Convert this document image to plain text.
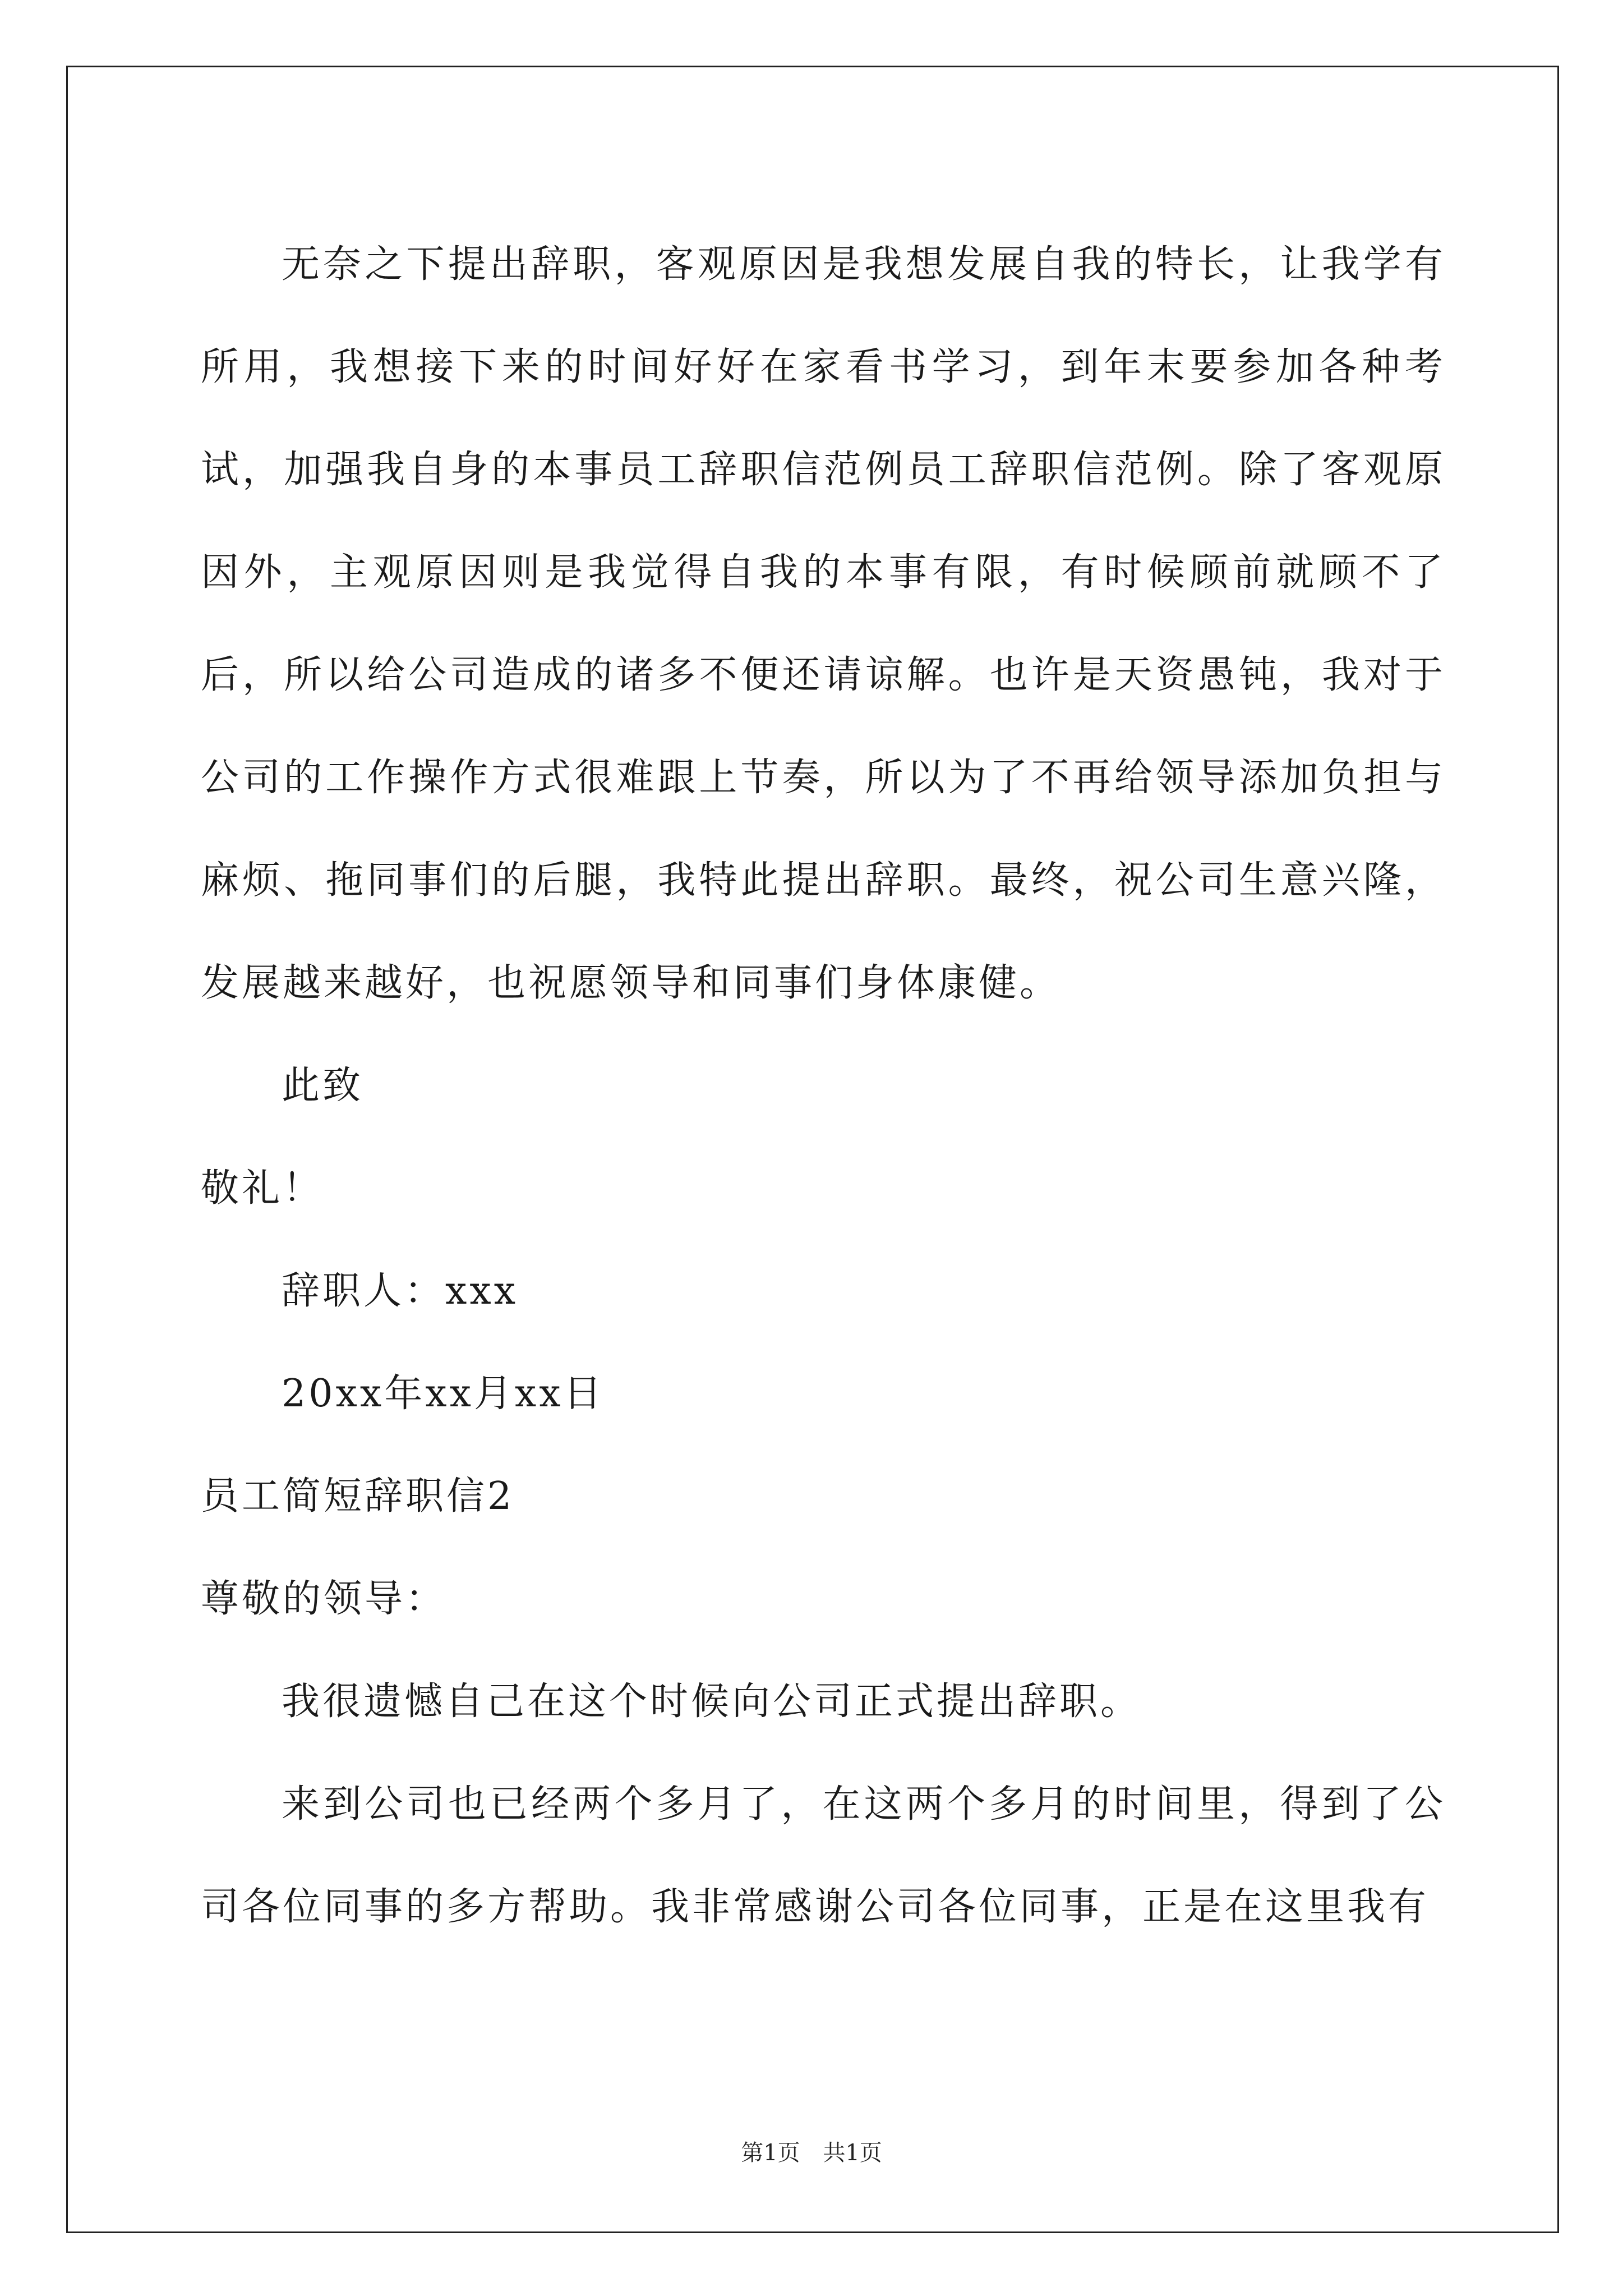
无奈之下提出辞职，客观原因是我想发展自我的特长，让我学有所用，我想接下来的时间好好在家看书学习，到年末要参加各种考试，加强我自身的本事员工辞职信范例员工辞职信范例。除了客观原因外，主观原因则是我觉得自我的本事有限，有时候顾前就顾不了后，所以给公司造成的诸多不便还请谅解。也许是天资愚钝，我对于公司的工作操作方式很难跟上节奏，所以为了不再给领导添加负担与麻烦、拖同事们的后腿，我特此提出辞职。最终，祝公司生意兴隆，发展越来越好，也祝愿领导和同事们身体康健。

此致

敬礼！

辞职人：xxx

20xx年xx月xx日

员工简短辞职信2

尊敬的领导：

我很遗憾自己在这个时候向公司正式提出辞职。

来到公司也已经两个多月了，在这两个多月的时间里，得到了公司各位同事的多方帮助。我非常感谢公司各位同事，正是在这里我有

第1页 共1页
